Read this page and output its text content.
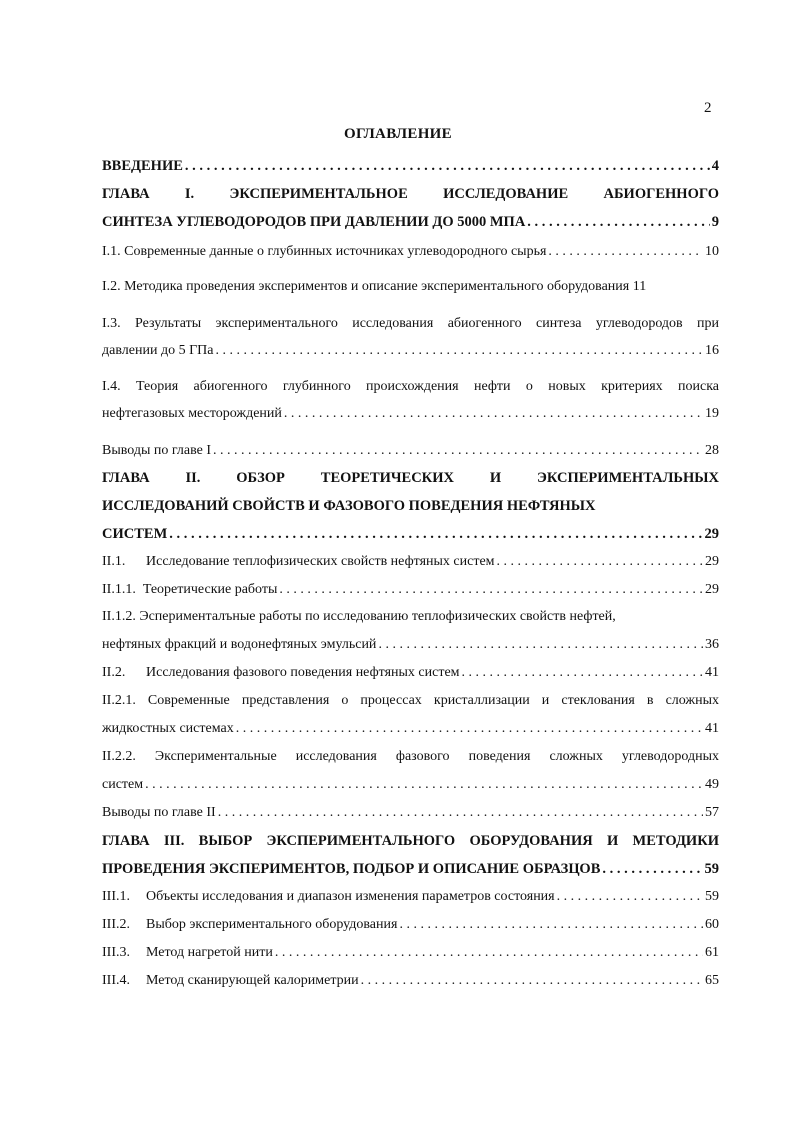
2
ОГЛАВЛЕНИЕ
ВВЕДЕНИЕ . . .	4
ГЛАВА I. ЭКСПЕРИМЕНТАЛЬНОЕ ИССЛЕДОВАНИЕ АБИОГЕННОГО
СИНТЕЗА УГЛЕВОДОРОДОВ ПРИ ДАВЛЕНИИ ДО 5000 МПА . . .	9
I.1. Современные данные о глубинных источниках углеводородного сырья . . .	10
I.2. Методика проведения экспериментов и описание экспериментального оборудования 11
I.3. Результаты экспериментального исследования абиогенного синтеза углеводородов при
давлении до 5 ГПа . . .	16
I.4. Теория абиогенного глубинного происхождения нефти о новых критериях поиска
нефтегазовых месторождений . . .	19
Выводы по главе I . . .	28
ГЛАВА II. ОБЗОР ТЕОРЕТИЧЕСКИХ И ЭКСПЕРИМЕНТАЛЬНЫХ
ИССЛЕДОВАНИЙ СВОЙСТВ И ФАЗОВОГО ПОВЕДЕНИЯ НЕФТЯНЫХ
СИСТЕМ . . .	29
II.1. Исследование теплофизических свойств нефтяных систем . . .	29
II.1.1. Теоретические работы . . .	29
II.1.2. Эсперименталъные работы по исследованию теплофизических свойств нефтей,
нефтяных фракций и водонефтяных эмульсий . . .	36
II.2. Исследования фазового поведения нефтяных систем . . .	41
II.2.1. Современные представления о процессах кристаллизации и стеклования в сложных
жидкостных системах . . .	41
II.2.2. Экспериментальные исследования фазового поведения сложных углеводородных
систем . . .	49
Выводы по главе II . . .	57
ГЛАВА III. ВЫБОР ЭКСПЕРИМЕНТАЛЬНОГО ОБОРУДОВАНИЯ И МЕТОДИКИ
ПРОВЕДЕНИЯ ЭКСПЕРИМЕНТОВ, ПОДБОР И ОПИСАНИЕ ОБРАЗЦОВ . . .	59
III.1. Объекты исследования и диапазон изменения параметров состояния . . .	59
III.2. Выбор экспериментального оборудования . . .	60
III.3. Метод нагретой нити . . .	61
III.4. Метод сканирующей калориметрии . . .	65
